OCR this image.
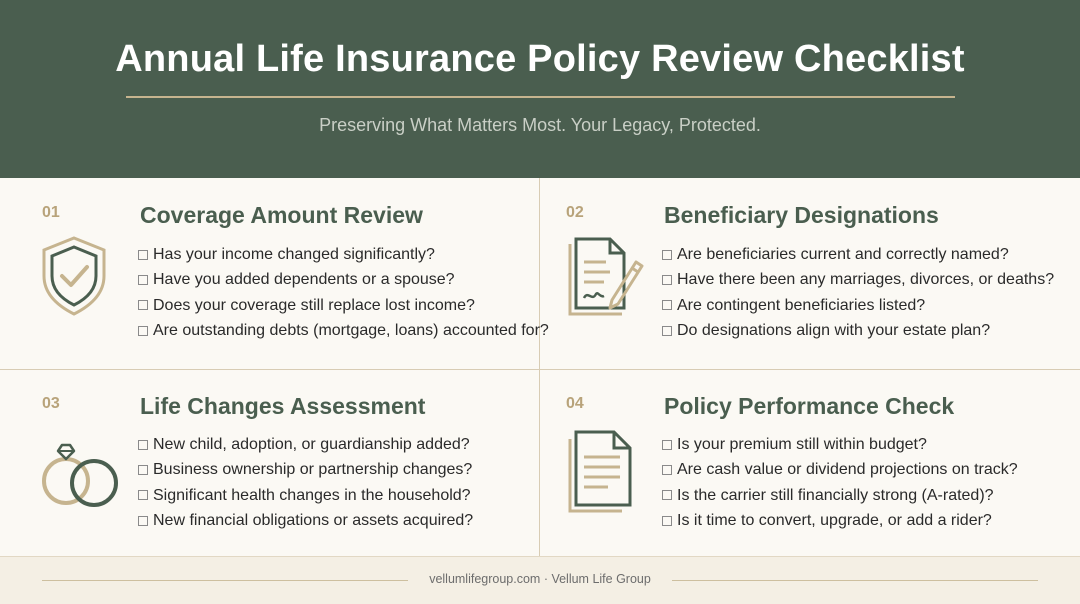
Annual Life Insurance Policy Review Checklist
Preserving What Matters Most. Your Legacy, Protected.
01	Coverage Amount Review
Has your income changed significantly?
Have you added dependents or a spouse?
Does your coverage still replace lost income?
Are outstanding debts (mortgage, loans) accounted for?
02	Beneficiary Designations
Are beneficiaries current and correctly named?
Have there been any marriages, divorces, or deaths?
Are contingent beneficiaries listed?
Do designations align with your estate plan?
03	Life Changes Assessment
New child, adoption, or guardianship added?
Business ownership or partnership changes?
Significant health changes in the household?
New financial obligations or assets acquired?
04	Policy Performance Check
Is your premium still within budget?
Are cash value or dividend projections on track?
Is the carrier still financially strong (A-rated)?
Is it time to convert, upgrade, or add a rider?
vellumlifegroup.com · Vellum Life Group
